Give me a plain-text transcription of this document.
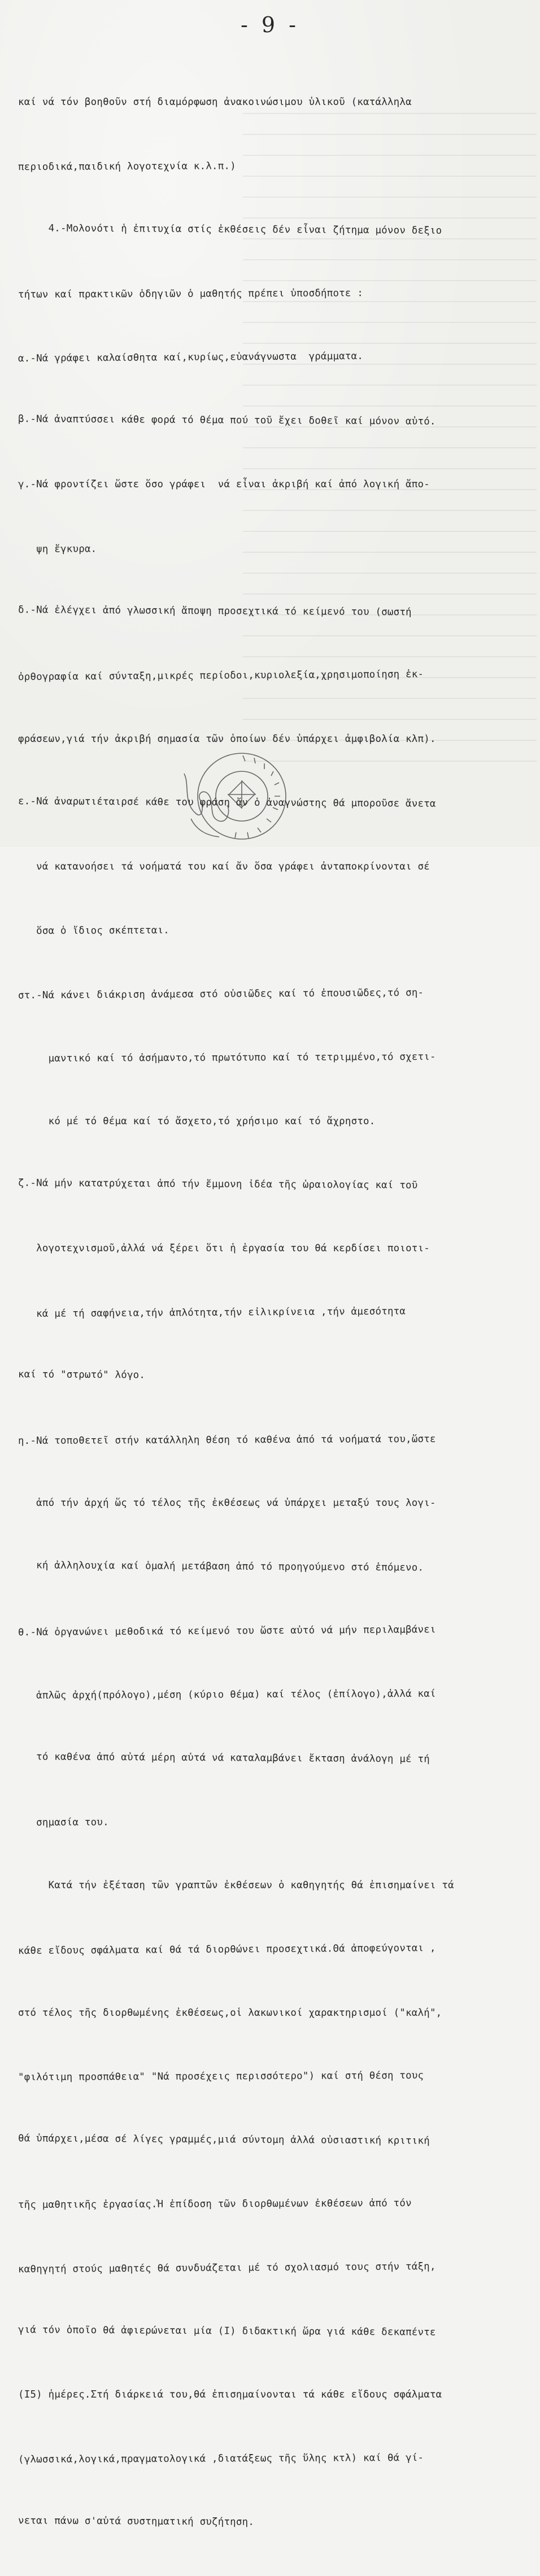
- 9 -

καί νά τόν βοηθοῦν στή διαμόρφωση ἀνακοινώσιμου ὑλικοῦ (κατάλληλα

περιοδικά,παιδική λογοτεχνία κ.λ.π.)

4.-Μολονότι ἡ ἐπιτυχία στίς ἐκθέσεις δέν εἶναι ζήτημα μόνον δεξιο

τήτων καί πρακτικῶν ὁδηγιῶν ὁ μαθητής πρέπει ὑποσδήποτε :

α.-Νά γράφει καλαίσθητα καί,κυρίως,εὐανάγνωστα  γράμματα.

β.-Νά ἀναπτύσσει κάθε φορά τό θέμα πού τοῦ ἔχει δοθεῖ καί μόνον αὐτό.

γ.-Νά φροντίζει ὥστε ὅσο γράφει  νά εἶναι ἀκριβή καί ἀπό λογική ἄπο-

ψη ἔγκυρα.

δ.-Νά ἐλέγχει ἀπό γλωσσική ἄποψη προσεχτικά τό κείμενό του (σωστή

ὀρθογραφία καί σύνταξη,μικρές περίοδοι,κυριολεξία,χρησιμοποίηση ἐκ-

φράσεων,γιά τήν ἀκριβή σημασία τῶν ὁποίων δέν ὑπάρχει ἀμφιβολία κλπ).

ε.-Νά ἀναρωτιέταιρσέ κάθε του φράση ἄν ὁ ἀναγνώστης θά μποροῦσε ἄνετα

νά κατανοήσει τά νοήματά του καί ἄν ὅσα γράφει ἀνταποκρίνονται σέ

ὅσα ὁ ἴδιος σκέπτεται.

στ.-Νά κάνει διάκριση ἀνάμεσα στό οὐσιῶδες καί τό ἐπουσιῶδες,τό ση-

μαντικό καί τό ἀσήμαντο,τό πρωτότυπο καί τό τετριμμένο,τό σχετι-

κό μέ τό θέμα καί τό ἄσχετο,τό χρήσιμο καί τό ἄχρηστο.

ζ.-Νά μήν κατατρύχεται ἀπό τήν ἔμμονη ἰδέα τῆς ὡραιολογίας καί τοῦ

λογοτεχνισμοῦ,ἀλλά νά ξέρει ὅτι ἡ ἐργασία του θά κερδίσει ποιοτι-

κά μέ τή σαφήνεια,τήν ἁπλότητα,τήν εἰλικρίνεια ,τήν ἀμεσότητα

καί τό "στρωτό" λόγο.

η.-Νά τοποθετεῖ στήν κατάλληλη θέση τό καθένα ἀπό τά νοήματά του,ὥστε

ἀπό τήν ἀρχή ὥς τό τέλος τῆς ἐκθέσεως νά ὑπάρχει μεταξύ τους λογι-

κή ἀλληλουχία καί ὁμαλή μετάβαση ἀπό τό προηγούμενο στό ἑπόμενο.

θ.-Νά ὀργανώνει μεθοδικά τό κείμενό του ὥστε αὐτό νά μήν περιλαμβάνει

ἁπλῶς ἀρχή(πρόλογο),μέση (κύριο θέμα) καί τέλος (ἐπίλογο),ἀλλά καί

τό καθένα ἀπό αὐτά μέρη αὐτά νά καταλαμβάνει ἔκταση ἀνάλογη μέ τή

σημασία του.

Κατά τήν ἐξέταση τῶν γραπτῶν ἐκθέσεων ὁ καθηγητής θά ἐπισημαίνει τά

κάθε εἴδους σφάλματα καί θά τά διορθώνει προσεχτικά.Θά ἀποφεύγονται ,

στό τέλος τῆς διορθωμένης ἐκθέσεως,οἱ λακωνικοί χαρακτηρισμοί ("καλή",

"φιλότιμη προσπάθεια" "Νά προσέχεις περισσότερο") καί στή θέση τους

θά ὑπάρχει,μέσα σέ λίγες γραμμές,μιά σύντομη ἀλλά οὐσιαστική κριτική

τῆς μαθητικῆς ἐργασίας.Ἡ ἐπίδοση τῶν διορθωμένων ἐκθέσεων ἀπό τόν

καθηγητή στούς μαθητές θά συνδυάζεται μέ τό σχολιασμό τους στήν τάξη,

γιά τόν ὁποῖο θά ἀφιερώνεται μία (Ι) διδακτική ὥρα γιά κάθε δεκαπέντε

(Ι5) ἡμέρες.Στή διάρκειά του,θά ἐπισημαίνονται τά κάθε εἴδους σφάλματα

(γλωσσικά,λογικά,πραγματολογικά ,διατάξεως τῆς ὕλης κτλ) καί θά γί-

νεται πάνω σ'αὐτά συστηματική συζήτηση.
